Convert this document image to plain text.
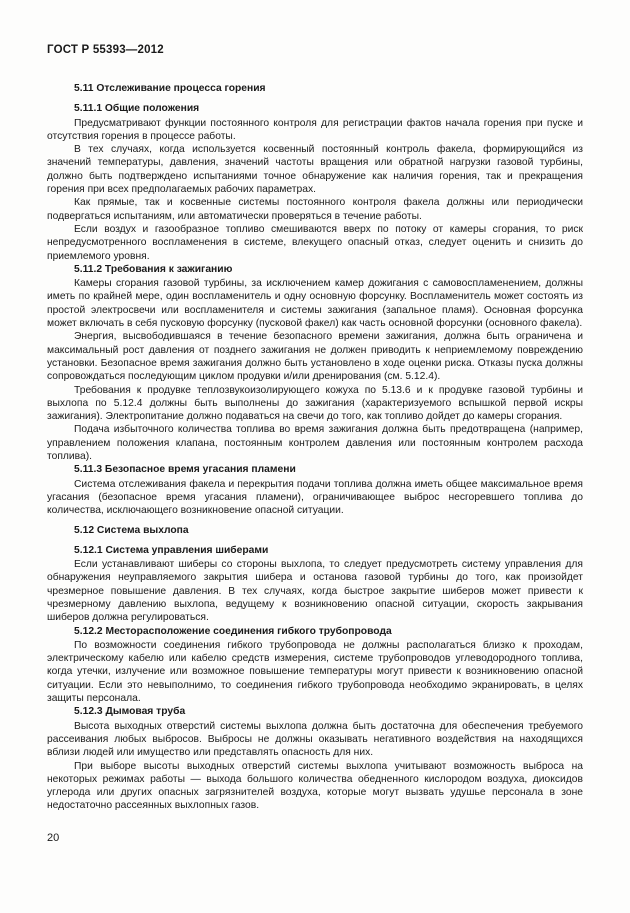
ГОСТ Р 55393—2012
5.11 Отслеживание процесса горения
5.11.1 Общие положения

Предусматривают функции постоянного контроля для регистрации фактов начала горения при пуске и отсутствия горения в процессе работы.

В тех случаях, когда используется косвенный постоянный контроль факела, формирующийся из значений температуры, давления, значений частоты вращения или обратной нагрузки газовой турбины, должно быть подтверждено испытаниями точное обнаружение как наличия горения, так и прекращения горения при всех предполагаемых рабочих параметрах.

Как прямые, так и косвенные системы постоянного контроля факела должны или периодически подвергаться испытаниям, или автоматически проверяться в течение работы.

Если воздух и газообразное топливо смешиваются вверх по потоку от камеры сгорания, то риск непредусмотренного воспламенения в системе, влекущего опасный отказ, следует оценить и снизить до приемлемого уровня.

5.11.2 Требования к зажиганию

Камеры сгорания газовой турбины, за исключением камер дожигания с самовоспламенением, должны иметь по крайней мере, один воспламенитель и одну основную форсунку. Воспламенитель может состоять из простой электросвечи или воспламенителя и системы зажигания (запальное пламя). Основная форсунка может включать в себя пусковую форсунку (пусковой факел) как часть основной форсунки (основного факела).

Энергия, высвободившаяся в течение безопасного времени зажигания, должна быть ограничена и максимальный рост давления от позднего зажигания не должен приводить к неприемлемому повреждению установки. Безопасное время зажигания должно быть установлено в ходе оценки риска. Отказы пуска должны сопровождаться последующим циклом продувки и/или дренирования (см. 5.12.4).

Требования к продувке теплозвукоизолирующего кожуха по 5.13.6 и к продувке газовой турбины и выхлопа по 5.12.4 должны быть выполнены до зажигания (характеризуемого вспышкой первой искры зажигания). Электропитание должно подаваться на свечи до того, как топливо дойдет до камеры сгорания.

Подача избыточного количества топлива во время зажигания должна быть предотвращена (например, управлением положения клапана, постоянным контролем давления или постоянным контролем расхода топлива).

5.11.3 Безопасное время угасания пламени

Система отслеживания факела и перекрытия подачи топлива должна иметь общее максимальное время угасания (безопасное время угасания пламени), ограничивающее выброс несгоревшего топлива до количества, исключающего возникновение опасной ситуации.

5.12 Система выхлопа
5.12.1 Система управления шиберами

Если устанавливают шиберы со стороны выхлопа, то следует предусмотреть систему управления для обнаружения неуправляемого закрытия шибера и останова газовой турбины до того, как произойдет чрезмерное повышение давления. В тех случаях, когда быстрое закрытие шиберов может привести к чрезмерному давлению выхлопа, ведущему к возникновению опасной ситуации, скорость закрывания шиберов должна регулироваться.

5.12.2 Месторасположение соединения гибкого трубопровода

По возможности соединения гибкого трубопровода не должны располагаться близко к проходам, электрическому кабелю или кабелю средств измерения, системе трубопроводов углеводородного топлива, когда утечки, излучение или возможное повышение температуры могут привести к возникновению опасной ситуации. Если это невыполнимо, то соединения гибкого трубопровода необходимо экранировать, в целях защиты персонала.

5.12.3 Дымовая труба

Высота выходных отверстий системы выхлопа должна быть достаточна для обеспечения требуемого рассеивания любых выбросов. Выбросы не должны оказывать негативного воздействия на находящихся вблизи людей или имущество или представлять опасность для них.

При выборе высоты выходных отверстий системы выхлопа учитывают возможность выброса на некоторых режимах работы — выхода большого количества обедненного кислородом воздуха, диоксидов углерода или других опасных загрязнителей воздуха, которые могут вызвать удушье персонала в зоне недостаточно рассеянных выхлопных газов.

20
